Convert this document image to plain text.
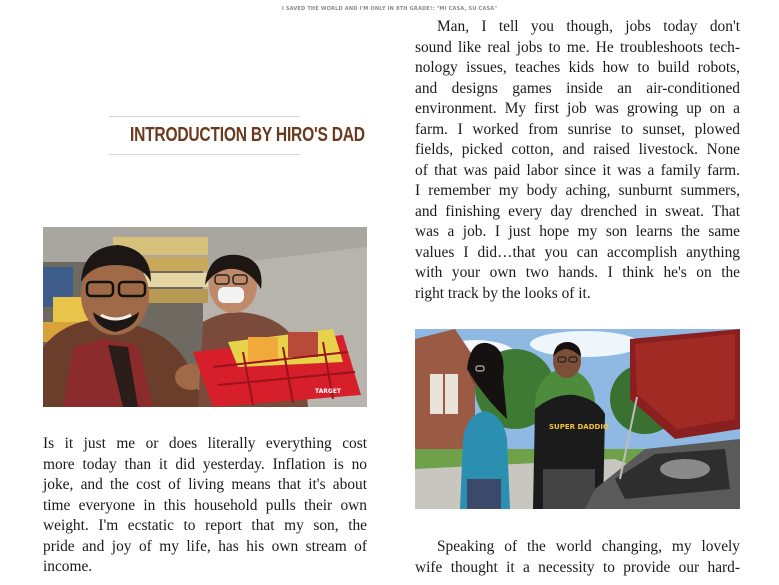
I SAVED THE WORLD AND I'M ONLY IN 8TH GRADE!: "MI CASA, SU CASA"
INTRODUCTION BY HIRO'S DAD
TARGET
SUPER DADDIO
Is it just me or does literally everything cost
more today than it did yesterday. Inflation is no
joke, and the cost of living means that it's about
time everyone in this household pulls their own
weight. I'm ecstatic to report that my son, the
pride and joy of my life, has his own stream of
income.
Man, I tell you though, jobs today don't
sound like real jobs to me. He troubleshoots tech-
nology issues, teaches kids how to build robots,
and designs games inside an air-conditioned
environment. My first job was growing up on a
farm. I worked from sunrise to sunset, plowed
fields, picked cotton, and raised livestock. None
of that was paid labor since it was a family farm.
I remember my body aching, sunburnt summers,
and finishing every day drenched in sweat. That
was a job. I just hope my son learns the same
values I did…that you can accomplish anything
with your own two hands. I think he's on the
right track by the looks of it.
Speaking of the world changing, my lovely
wife thought it a necessity to provide our hard-
